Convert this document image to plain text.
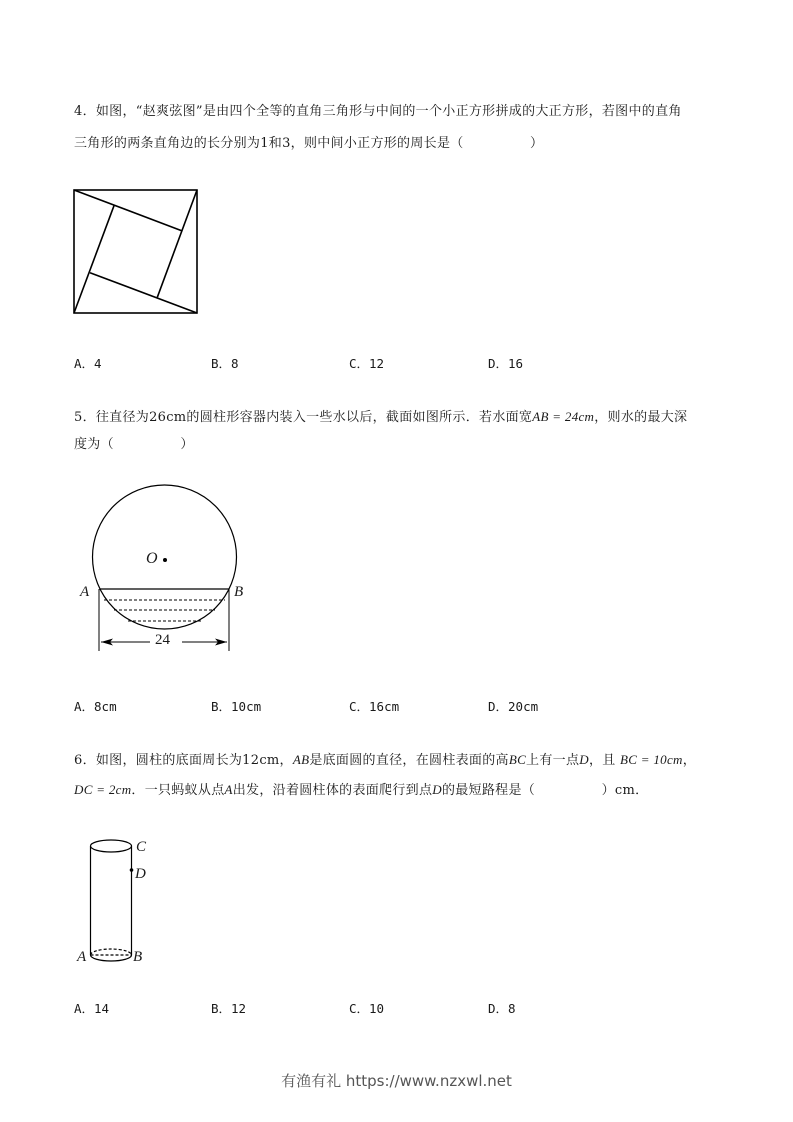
4．如图，“赵爽弦图”是由四个全等的直角三角形与中间的一个小正方形拼成的大正方形，若图中的直角
三角形的两条直角边的长分别为1和3，则中间小正方形的周长是（　　　　　）
A．4	B．8	C．12	D．16
5．往直径为26cm的圆柱形容器内装入一些水以后，截面如图所示．若水面宽AB = 24cm，则水的最大深
度为（　　　　　）
O
A	B
24
A．8cm	B．10cm	C．16cm	D．20cm
6．如图，圆柱的底面周长为12cm，AB是底面圆的直径，在圆柱表面的高BC上有一点D，且 BC = 10cm，
DC = 2cm．一只蚂蚁从点A出发，沿着圆柱体的表面爬行到点D的最短路程是（　　　　　）cm．
C
D
A	B
A．14	B．12	C．10	D．8
有渔有礼 https://www.nzxwl.net
